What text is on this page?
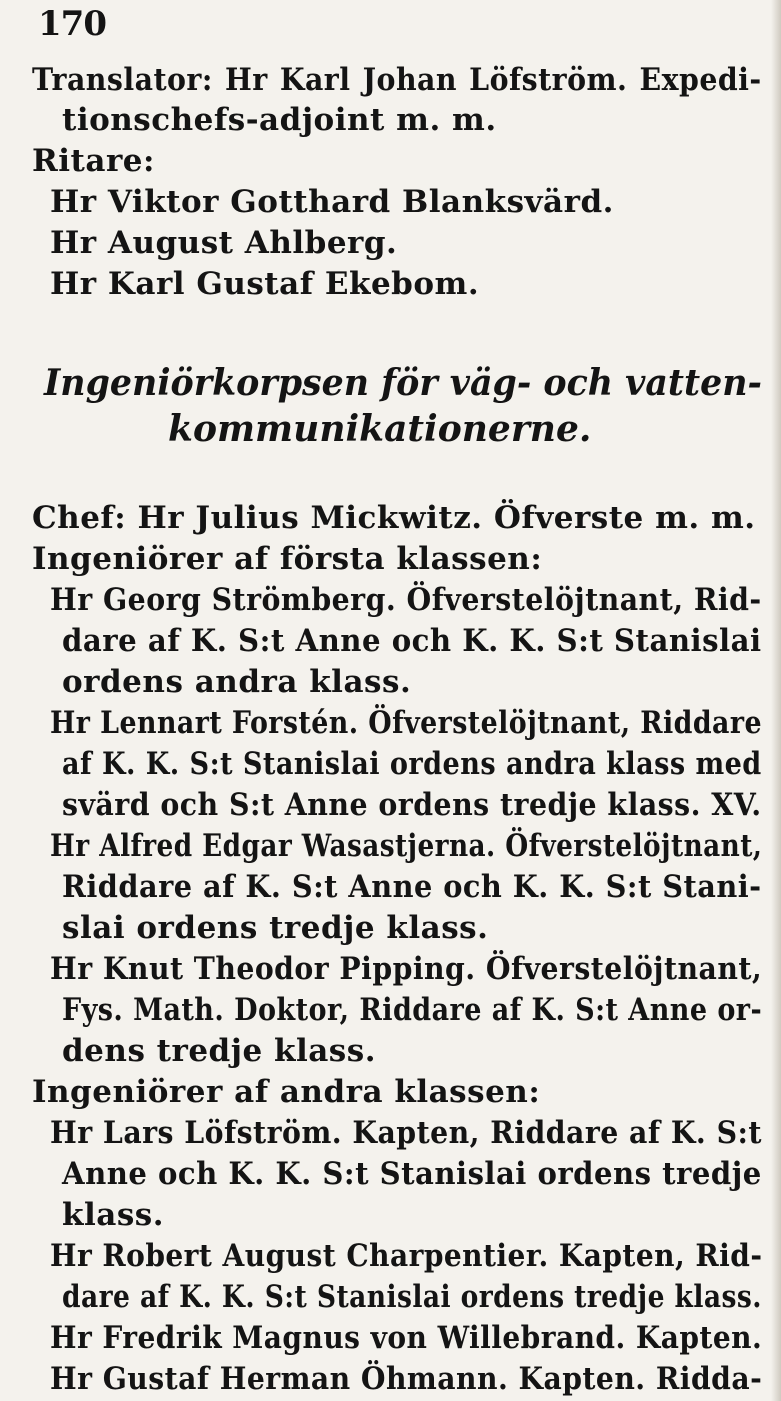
170
Translator: Hr Karl Johan Löfström. Expedi-
tionschefs-adjoint m. m.
Ritare:
Hr Viktor Gotthard Blanksvärd.
Hr August Ahlberg.
Hr Karl Gustaf Ekebom.
Ingeniörkorpsen för väg- och vatten-
kommunikationerne.
Chef: Hr Julius Mickwitz. Öfverste m. m.
Ingeniörer af första klassen:
Hr Georg Strömberg. Öfverstelöjtnant, Rid-
dare af K. S:t Anne och K. K. S:t Stanislai
ordens andra klass.
Hr Lennart Forstén. Öfverstelöjtnant, Riddare
af K. K. S:t Stanislai ordens andra klass med
svärd och S:t Anne ordens tredje klass. XV.
Hr Alfred Edgar Wasastjerna. Öfverstelöjtnant,
Riddare af K. S:t Anne och K. K. S:t Stani-
slai ordens tredje klass.
Hr Knut Theodor Pipping. Öfverstelöjtnant,
Fys. Math. Doktor, Riddare af K. S:t Anne or-
dens tredje klass.
Ingeniörer af andra klassen:
Hr Lars Löfström. Kapten, Riddare af K. S:t
Anne och K. K. S:t Stanislai ordens tredje
klass.
Hr Robert August Charpentier. Kapten, Rid-
dare af K. K. S:t Stanislai ordens tredje klass.
Hr Fredrik Magnus von Willebrand. Kapten.
Hr Gustaf Herman Öhmann. Kapten. Ridda-
